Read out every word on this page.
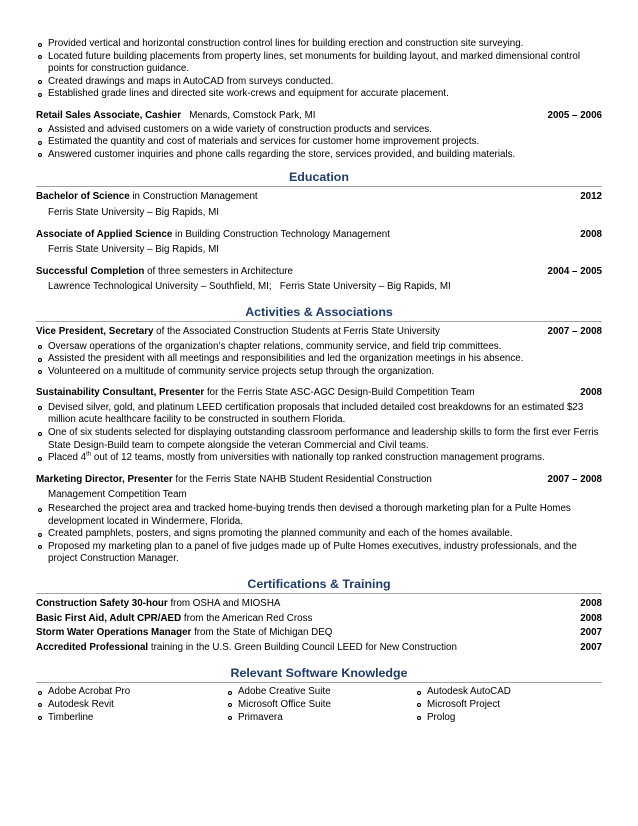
Provided vertical and horizontal construction control lines for building erection and construction site surveying.
Located future building placements from property lines, set monuments for building layout, and marked dimensional control points for construction guidance.
Created drawings and maps in AutoCAD from surveys conducted.
Established grade lines and directed site work-crews and equipment for accurate placement.
Retail Sales Associate, Cashier Menards, Comstock Park, MI	2005 – 2006
Assisted and advised customers on a wide variety of construction products and services.
Estimated the quantity and cost of materials and services for customer home improvement projects.
Answered customer inquiries and phone calls regarding the store, services provided, and building materials.
Education
Bachelor of Science in Construction Management	2012
Ferris State University – Big Rapids, MI
Associate of Applied Science in Building Construction Technology Management	2008
Ferris State University – Big Rapids, MI
Successful Completion of three semesters in Architecture	2004 – 2005
Lawrence Technological University – Southfield, MI;   Ferris State University – Big Rapids, MI
Activities & Associations
Vice President, Secretary of the Associated Construction Students at Ferris State University	2007 – 2008
Oversaw operations of the organization’s chapter relations, community service, and field trip committees.
Assisted the president with all meetings and responsibilities and led the organization meetings in his absence.
Volunteered on a multitude of community service projects setup through the organization.
Sustainability Consultant, Presenter for the Ferris State ASC-AGC Design-Build Competition Team	2008
Devised silver, gold, and platinum LEED certification proposals that included detailed cost breakdowns for an estimated $23 million acute healthcare facility to be constructed in southern Florida.
One of six students selected for displaying outstanding classroom performance and leadership skills to form the first ever Ferris State Design-Build team to compete alongside the veteran Commercial and Civil teams.
Placed 4th out of 12 teams, mostly from universities with nationally top ranked construction management programs.
Marketing Director, Presenter for the Ferris State NAHB Student Residential Construction	2007 – 2008
Management Competition Team
Researched the project area and tracked home-buying trends then devised a thorough marketing plan for a Pulte Homes development located in Windermere, Florida.
Created pamphlets, posters, and signs promoting the planned community and each of the homes available.
Proposed my marketing plan to a panel of five judges made up of Pulte Homes executives, industry professionals, and the project Construction Manager.
Certifications & Training
Construction Safety 30-hour from OSHA and MIOSHA	2008
Basic First Aid, Adult CPR/AED from the American Red Cross	2008
Storm Water Operations Manager from the State of Michigan DEQ	2007
Accredited Professional training in the U.S. Green Building Council LEED for New Construction	2007
Relevant Software Knowledge
Adobe Acrobat Pro
Autodesk Revit
Timberline
Adobe Creative Suite
Microsoft Office Suite
Primavera
Autodesk AutoCAD
Microsoft Project
Prolog
